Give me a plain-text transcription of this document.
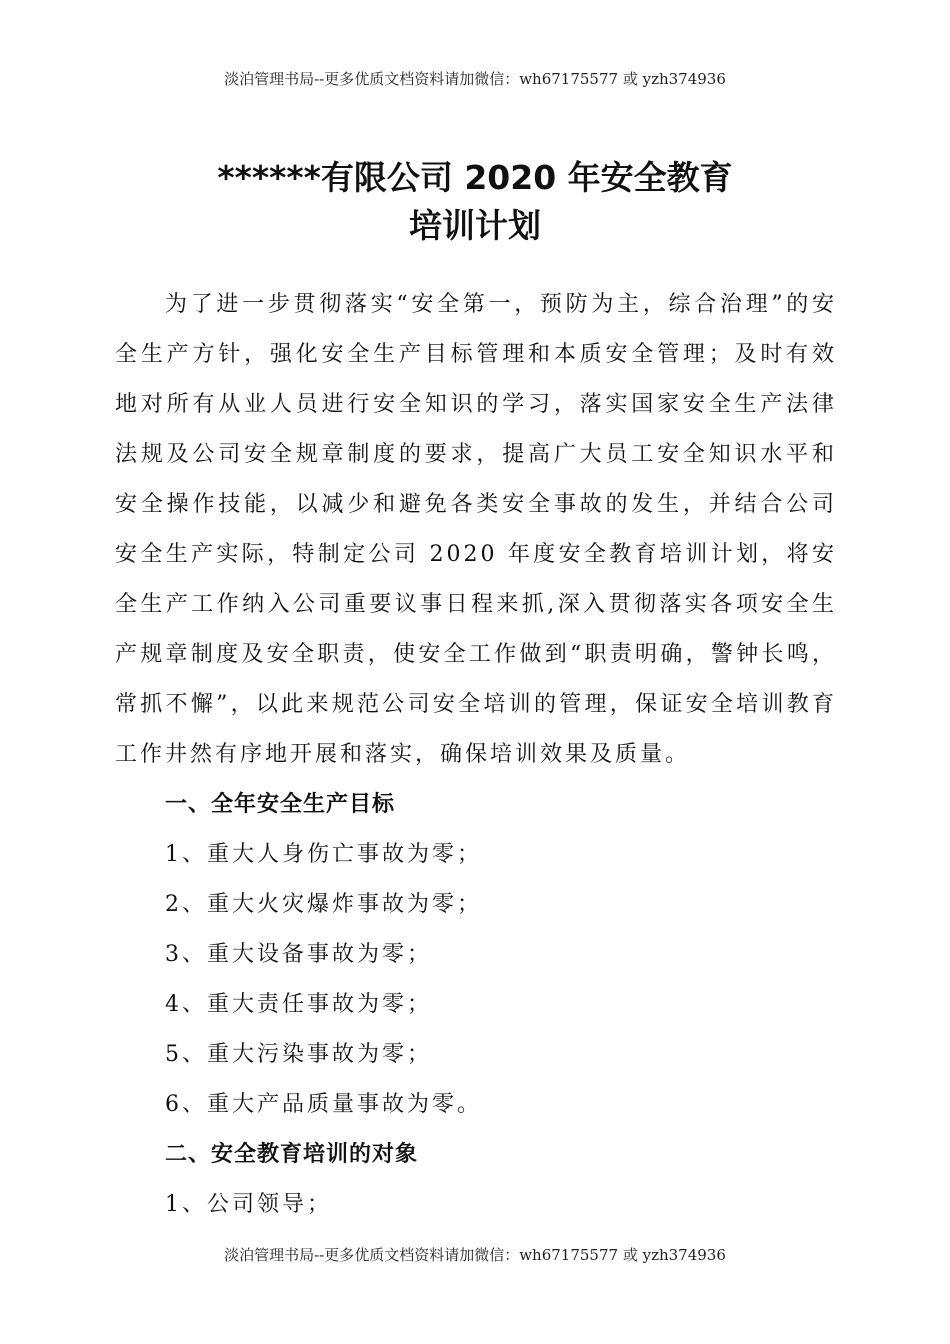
淡泊管理书局--更多优质文档资料请加微信：wh67175577 或 yzh374936
******有限公司 2020 年安全教育
培训计划

为了进一步贯彻落实“安全第一，预防为主，综合治理”的安全生产方针，强化安全生产目标管理和本质安全管理；及时有效地对所有从业人员进行安全知识的学习，落实国家安全生产法律法规及公司安全规章制度的要求，提高广大员工安全知识水平和安全操作技能，以减少和避免各类安全事故的发生，并结合公司安全生产实际，特制定公司 2020 年度安全教育培训计划，将安全生产工作纳入公司重要议事日程来抓,深入贯彻落实各项安全生产规章制度及安全职责，使安全工作做到“职责明确，警钟长鸣，常抓不懈”，以此来规范公司安全培训的管理，保证安全培训教育工作井然有序地开展和落实，确保培训效果及质量。

一、全年安全生产目标

1、重大人身伤亡事故为零；

2、重大火灾爆炸事故为零；

3、重大设备事故为零；

4、重大责任事故为零；

5、重大污染事故为零；

6、重大产品质量事故为零。

二、安全教育培训的对象

1、公司领导；

淡泊管理书局--更多优质文档资料请加微信：wh67175577 或 yzh374936
